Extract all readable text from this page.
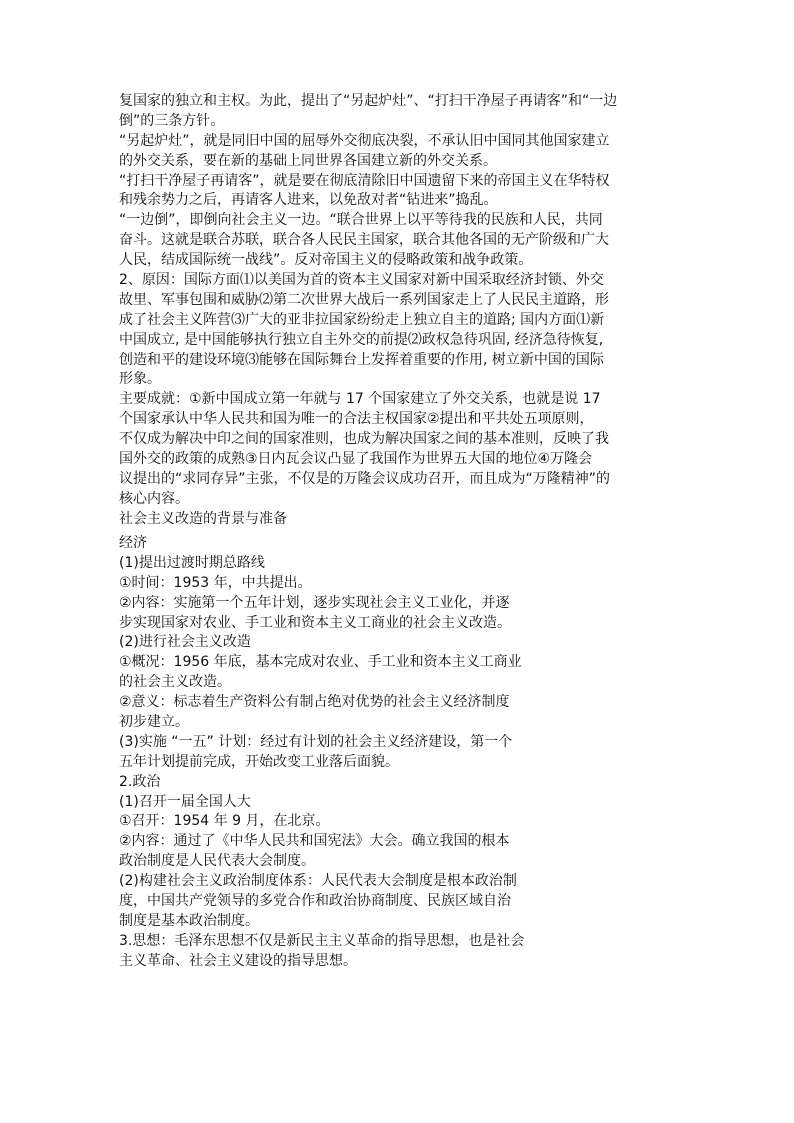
复国家的独立和主权。为此，提出了“另起炉灶”、“打扫干净屋子再请客”和“一边
倒”的三条方针。
“另起炉灶”，就是同旧中国的屈辱外交彻底决裂，不承认旧中国同其他国家建立
的外交关系，要在新的基础上同世界各国建立新的外交关系。
“打扫干净屋子再请客”，就是要在彻底清除旧中国遗留下来的帝国主义在华特权
和残余势力之后，再请客人进来，以免敌对者“钻进来”捣乱。
“一边倒”，即倒向社会主义一边。“联合世界上以平等待我的民族和人民，共同
奋斗。这就是联合苏联，联合各人民民主国家，联合其他各国的无产阶级和广大
人民，结成国际统一战线”。反对帝国主义的侵略政策和战争政策。
2、原因：国际方面⑴以美国为首的资本主义国家对新中国采取经济封锁、外交
故里、军事包围和威胁⑵第二次世界大战后一系列国家走上了人民民主道路，形
成了社会主义阵营⑶广大的亚非拉国家纷纷走上独立自主的道路; 国内方面⑴新
中国成立, 是中国能够执行独立自主外交的前提⑵政权急待巩固, 经济急待恢复,
创造和平的建设环境⑶能够在国际舞台上发挥着重要的作用, 树立新中国的国际
形象。
主要成就：①新中国成立第一年就与 17 个国家建立了外交关系，也就是说 17
个国家承认中华人民共和国为唯一的合法主权国家②提出和平共处五项原则，
不仅成为解决中印之间的国家准则，也成为解决国家之间的基本准则，反映了我
国外交的政策的成熟③日内瓦会议凸显了我国作为世界五大国的地位④万隆会
议提出的“求同存异”主张，不仅是的万隆会议成功召开，而且成为“万隆精神”的
核心内容。
社会主义改造的背景与准备
经济
(1)提出过渡时期总路线
①时间：1953 年，中共提出。
②内容：实施第一个五年计划，逐步实现社会主义工业化，并逐
步实现国家对农业、手工业和资本主义工商业的社会主义改造。
(2)进行社会主义改造
①概况：1956 年底，基本完成对农业、手工业和资本主义工商业
的社会主义改造。
②意义：标志着生产资料公有制占绝对优势的社会主义经济制度
初步建立。
(3)实施 “一五” 计划：经过有计划的社会主义经济建设，第一个
五年计划提前完成，开始改变工业落后面貌。
2.政治
(1)召开一届全国人大
①召开：1954 年 9 月，在北京。
②内容：通过了《中华人民共和国宪法》大会。确立我国的根本
政治制度是人民代表大会制度。
(2)构建社会主义政治制度体系：人民代表大会制度是根本政治制
度，中国共产党领导的多党合作和政治协商制度、民族区域自治
制度是基本政治制度。
3.思想：毛泽东思想不仅是新民主主义革命的指导思想，也是社会
主义革命、社会主义建设的指导思想。
